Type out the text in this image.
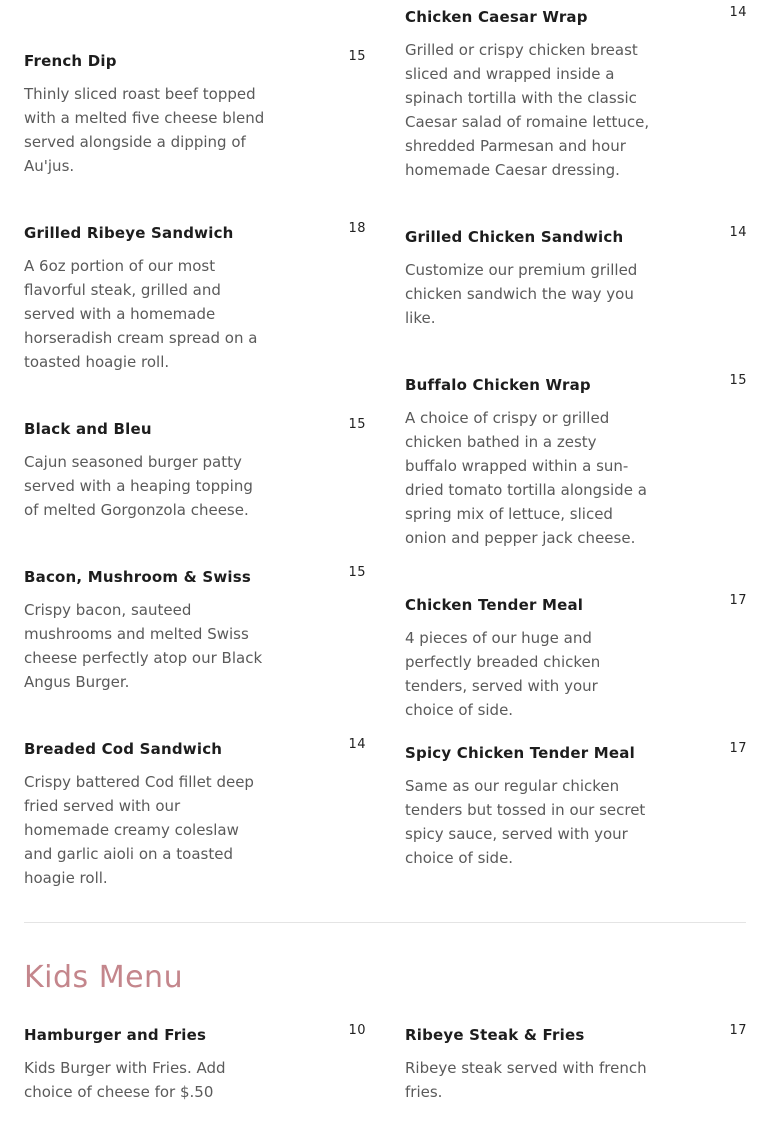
French Dip	15
Thinly sliced roast beef topped with a melted five cheese blend served alongside a dipping of Au'jus.
Grilled Ribeye Sandwich	18
A 6oz portion of our most flavorful steak, grilled and served with a homemade horseradish cream spread on a toasted hoagie roll.
Black and Bleu	15
Cajun seasoned burger patty served with a heaping topping of melted Gorgonzola cheese.
Bacon, Mushroom & Swiss	15
Crispy bacon, sauteed mushrooms and melted Swiss cheese perfectly atop our Black Angus Burger.
Breaded Cod Sandwich	14
Crispy battered Cod fillet deep fried served with our homemade creamy coleslaw and garlic aioli on a toasted hoagie roll.
Chicken Caesar Wrap	14
Grilled or crispy chicken breast sliced and wrapped inside a spinach tortilla with the classic Caesar salad of romaine lettuce, shredded Parmesan and hour homemade Caesar dressing.
Grilled Chicken Sandwich	14
Customize our premium grilled chicken sandwich the way you like.
Buffalo Chicken Wrap	15
A choice of crispy or grilled chicken bathed in a zesty buffalo wrapped within a sun-dried tomato tortilla alongside a spring mix of lettuce, sliced onion and pepper jack cheese.
Chicken Tender Meal	17
4 pieces of our huge and perfectly breaded chicken tenders, served with your choice of side.
Spicy Chicken Tender Meal	17
Same as our regular chicken tenders but tossed in our secret spicy sauce, served with your choice of side.
Kids Menu
Hamburger and Fries	10
Kids Burger with Fries. Add choice of cheese for $.50
Ribeye Steak & Fries	17
Ribeye steak served with french fries.
